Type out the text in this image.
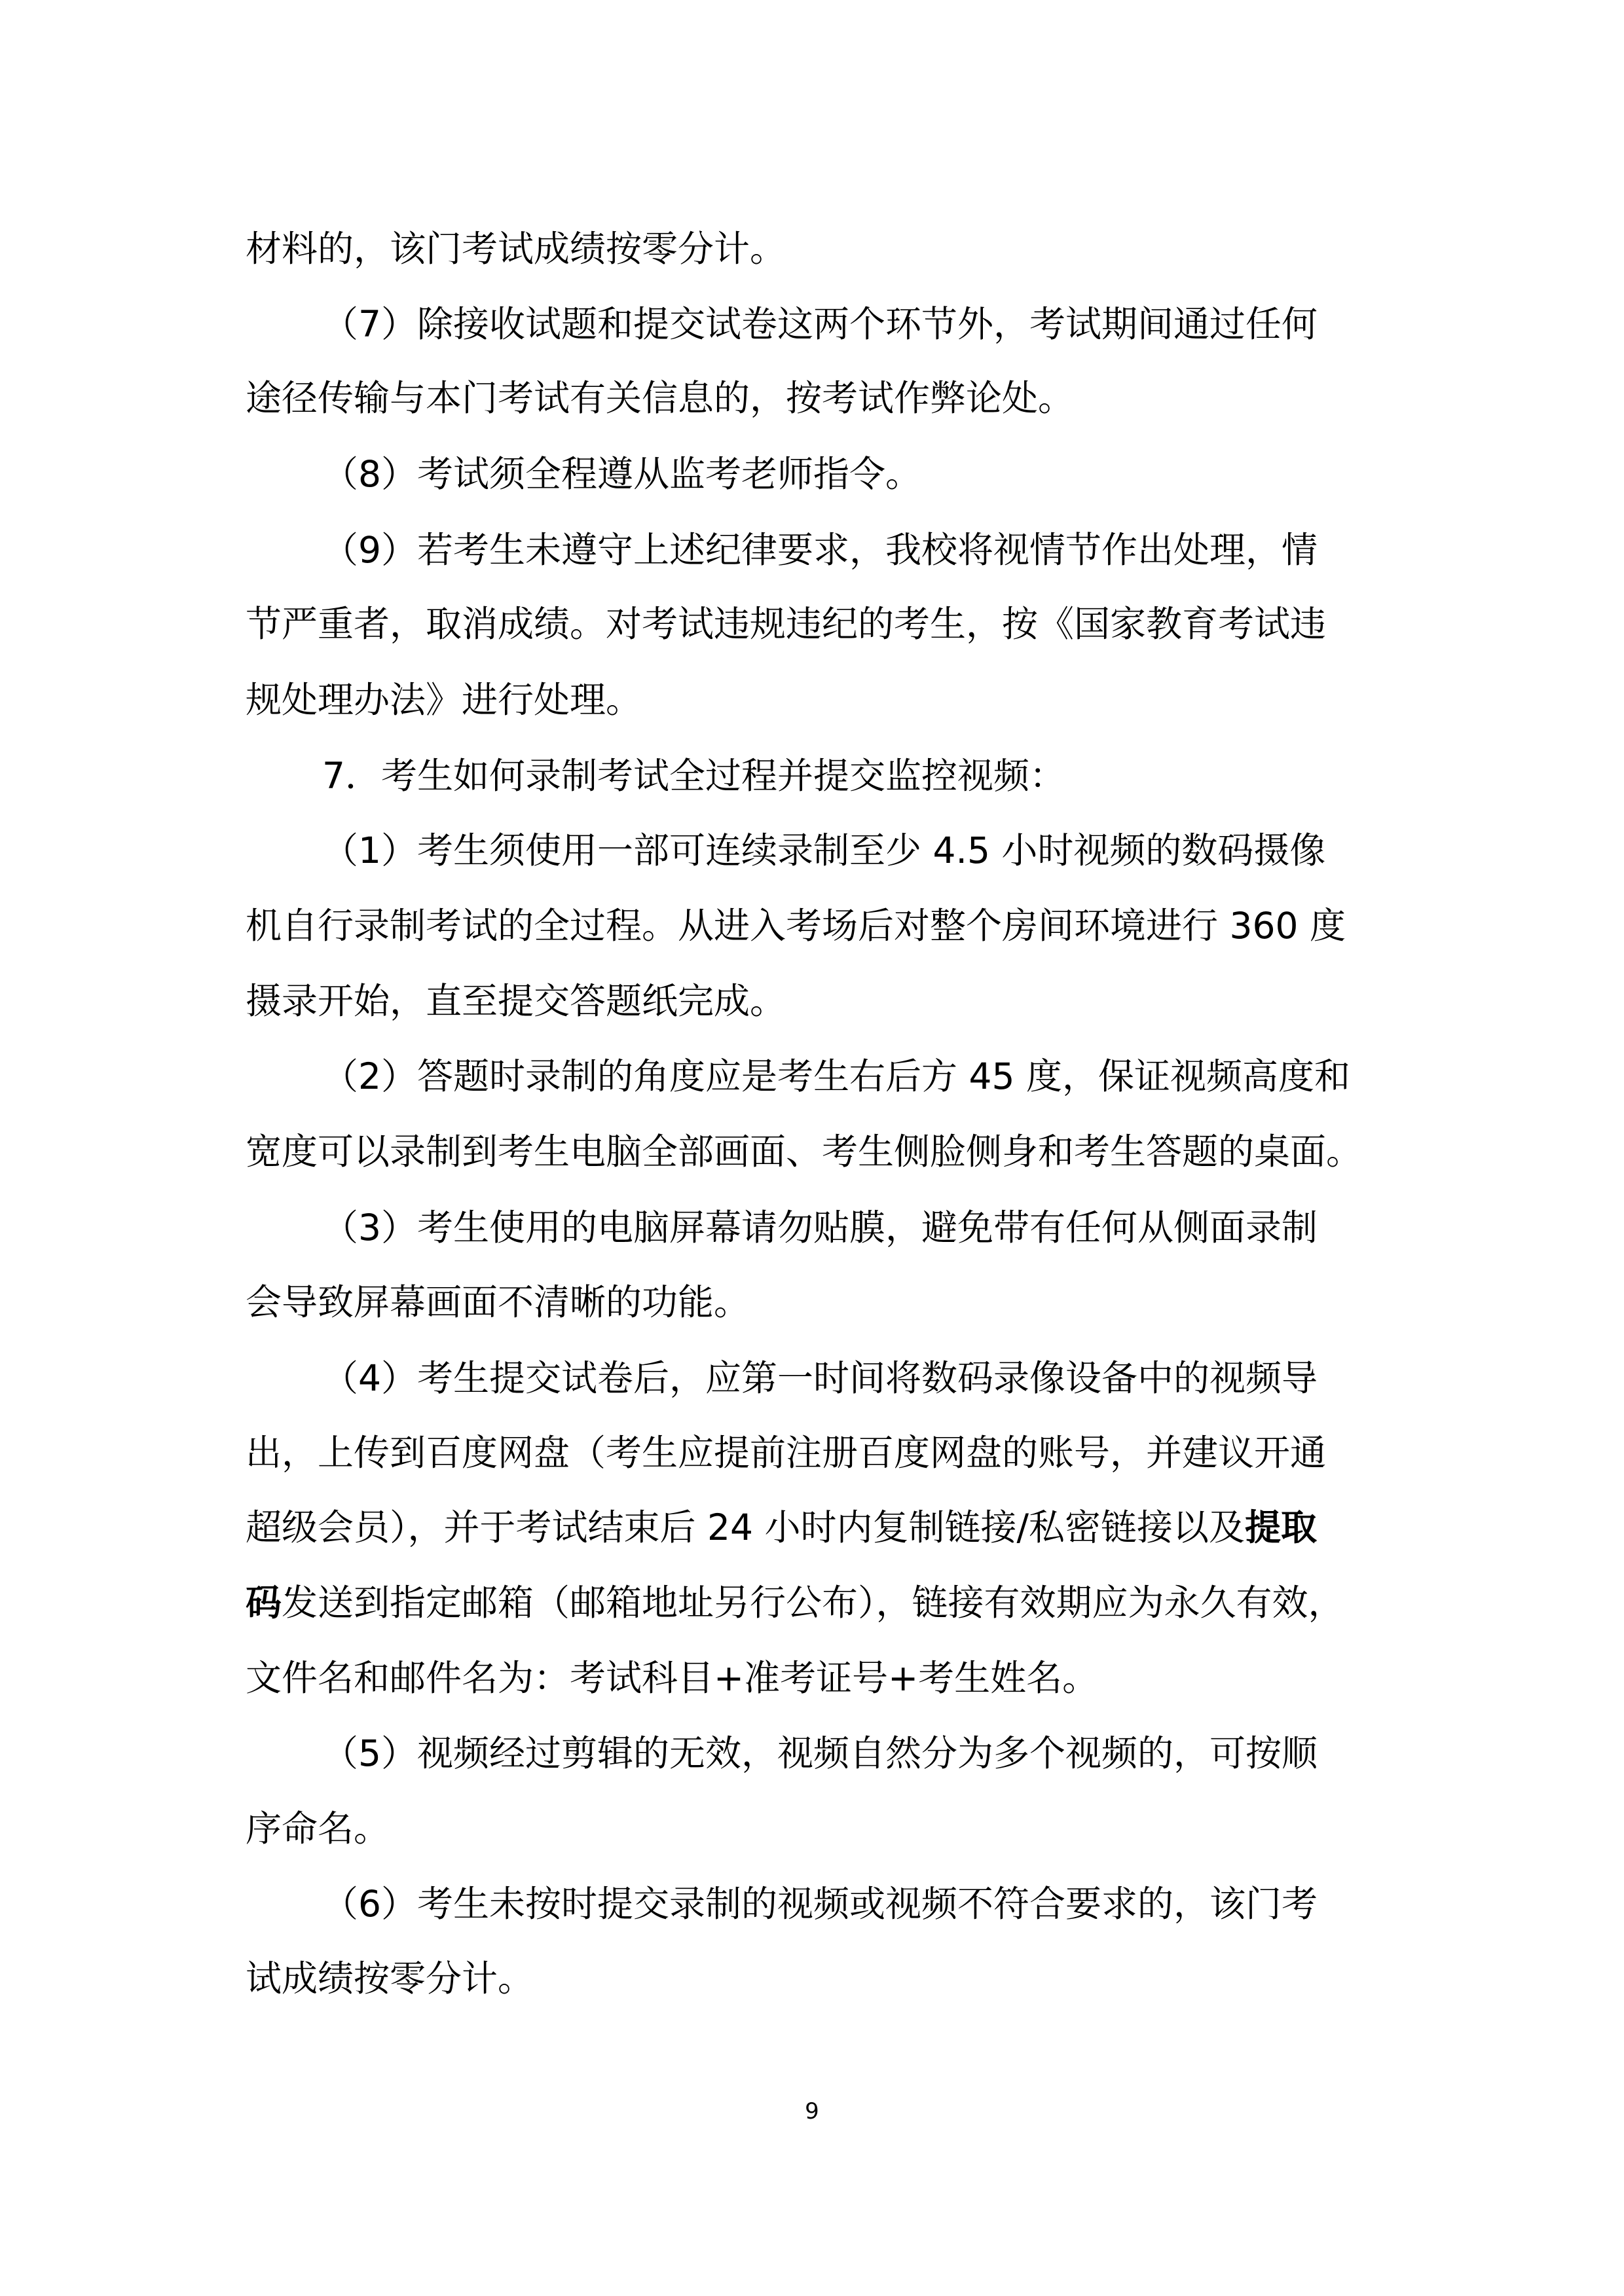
材料的，该门考试成绩按零分计。
（7）除接收试题和提交试卷这两个环节外，考试期间通过任何
途径传输与本门考试有关信息的，按考试作弊论处。
（8）考试须全程遵从监考老师指令。
（9）若考生未遵守上述纪律要求，我校将视情节作出处理，情
节严重者，取消成绩。对考试违规违纪的考生，按《国家教育考试违
规处理办法》进行处理。
7．考生如何录制考试全过程并提交监控视频：
（1）考生须使用一部可连续录制至少 4.5 小时视频的数码摄像
机自行录制考试的全过程。从进入考场后对整个房间环境进行 360 度
摄录开始，直至提交答题纸完成。
（2）答题时录制的角度应是考生右后方 45 度，保证视频高度和
宽度可以录制到考生电脑全部画面、考生侧脸侧身和考生答题的桌面。
（3）考生使用的电脑屏幕请勿贴膜，避免带有任何从侧面录制
会导致屏幕画面不清晰的功能。
（4）考生提交试卷后，应第一时间将数码录像设备中的视频导
出，上传到百度网盘（考生应提前注册百度网盘的账号，并建议开通
超级会员），并于考试结束后 24 小时内复制链接/私密链接以及提取
码发送到指定邮箱（邮箱地址另行公布），链接有效期应为永久有效，
文件名和邮件名为：考试科目+准考证号+考生姓名。
（5）视频经过剪辑的无效，视频自然分为多个视频的，可按顺
序命名。
（6）考生未按时提交录制的视频或视频不符合要求的，该门考
试成绩按零分计。
9
